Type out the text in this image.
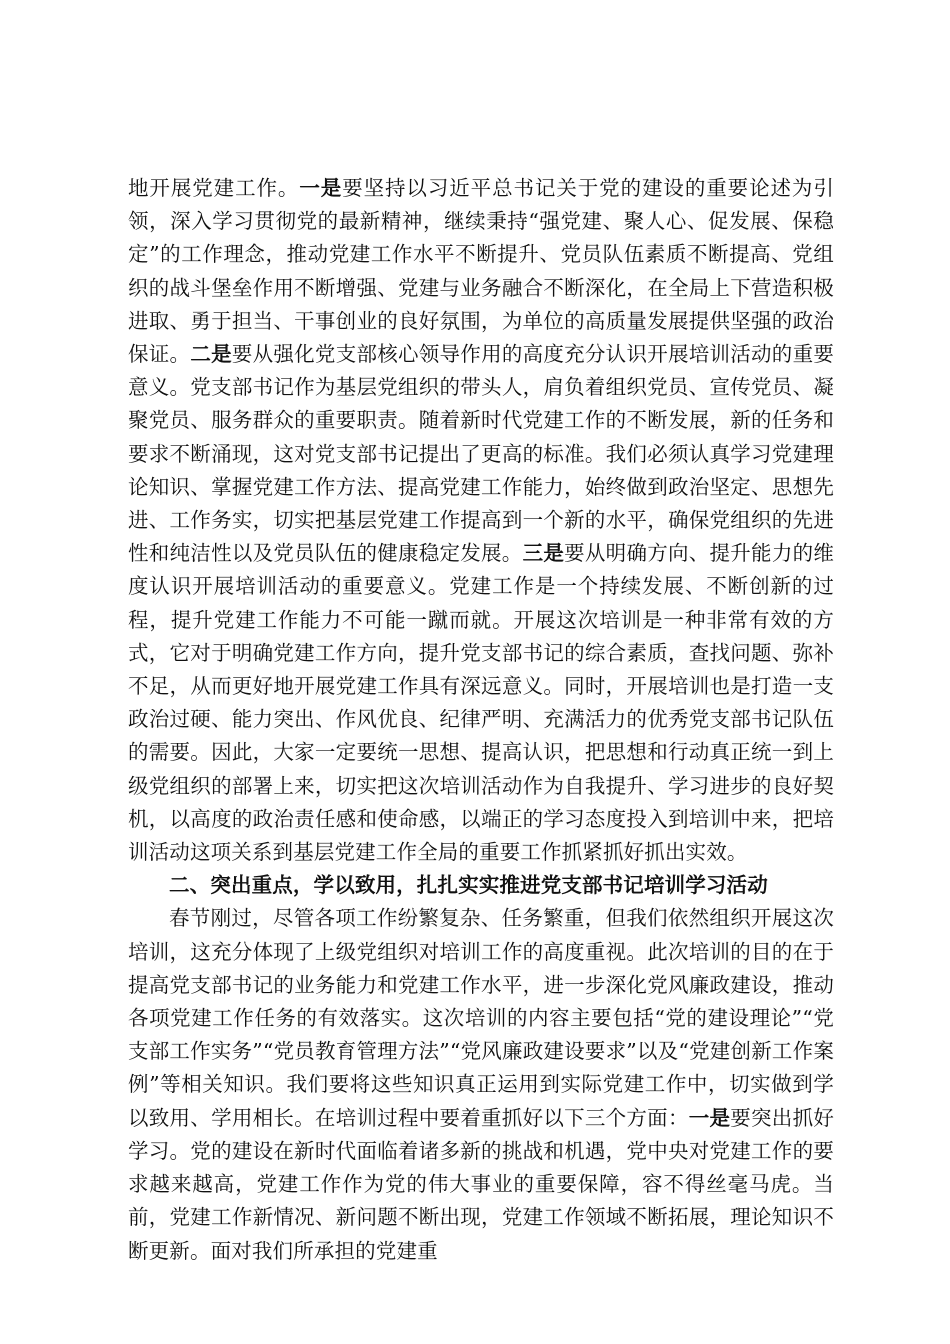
地开展党建工作。一是要坚持以习近平总书记关于党的建设的重要论述为引领，深入学习贯彻党的最新精神，继续秉持“强党建、聚人心、促发展、保稳定”的工作理念，推动党建工作水平不断提升、党员队伍素质不断提高、党组织的战斗堡垒作用不断增强、党建与业务融合不断深化，在全局上下营造积极进取、勇于担当、干事创业的良好氛围，为单位的高质量发展提供坚强的政治保证。二是要从强化党支部核心领导作用的高度充分认识开展培训活动的重要意义。党支部书记作为基层党组织的带头人，肩负着组织党员、宣传党员、凝聚党员、服务群众的重要职责。随着新时代党建工作的不断发展，新的任务和要求不断涌现，这对党支部书记提出了更高的标准。我们必须认真学习党建理论知识、掌握党建工作方法、提高党建工作能力，始终做到政治坚定、思想先进、工作务实，切实把基层党建工作提高到一个新的水平，确保党组织的先进性和纯洁性以及党员队伍的健康稳定发展。三是要从明确方向、提升能力的维度认识开展培训活动的重要意义。党建工作是一个持续发展、不断创新的过程，提升党建工作能力不可能一蹴而就。开展这次培训是一种非常有效的方式，它对于明确党建工作方向，提升党支部书记的综合素质，查找问题、弥补不足，从而更好地开展党建工作具有深远意义。同时，开展培训也是打造一支政治过硬、能力突出、作风优良、纪律严明、充满活力的优秀党支部书记队伍的需要。因此，大家一定要统一思想、提高认识，把思想和行动真正统一到上级党组织的部署上来，切实把这次培训活动作为自我提升、学习进步的良好契机，以高度的政治责任感和使命感，以端正的学习态度投入到培训中来，把培训活动这项关系到基层党建工作全局的重要工作抓紧抓好抓出实效。

二、突出重点，学以致用，扎扎实实推进党支部书记培训学习活动

春节刚过，尽管各项工作纷繁复杂、任务繁重，但我们依然组织开展这次培训，这充分体现了上级党组织对培训工作的高度重视。此次培训的目的在于提高党支部书记的业务能力和党建工作水平，进一步深化党风廉政建设，推动各项党建工作任务的有效落实。这次培训的内容主要包括“党的建设理论”“党支部工作实务”“党员教育管理方法”“党风廉政建设要求”以及“党建创新工作案例”等相关知识。我们要将这些知识真正运用到实际党建工作中，切实做到学以致用、学用相长。在培训过程中要着重抓好以下三个方面：一是要突出抓好学习。党的建设在新时代面临着诸多新的挑战和机遇，党中央对党建工作的要求越来越高，党建工作作为党的伟大事业的重要保障，容不得丝毫马虎。当前，党建工作新情况、新问题不断出现，党建工作领域不断拓展，理论知识不断更新。面对我们所承担的党建重
